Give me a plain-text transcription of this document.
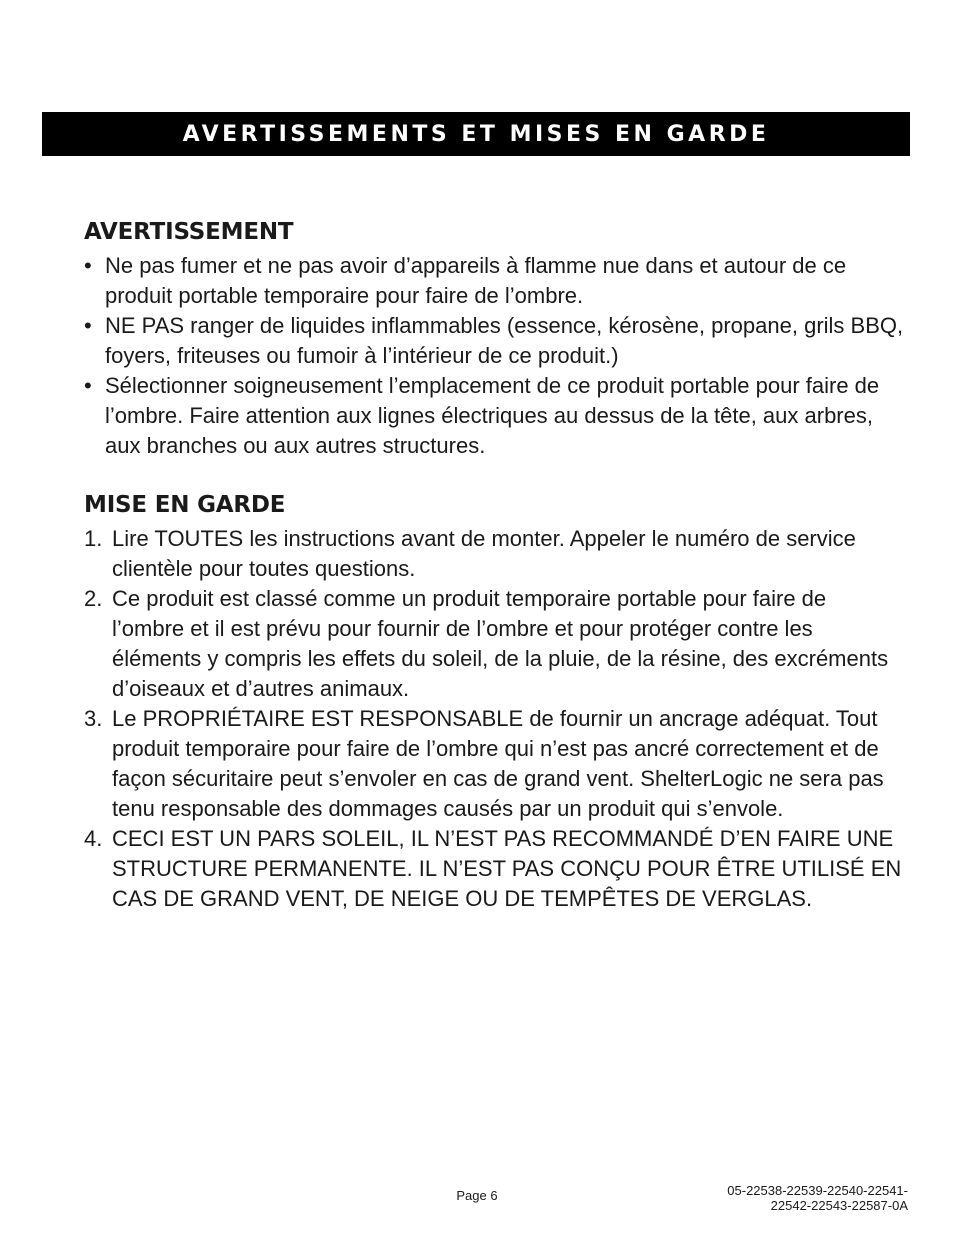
AVERTISSEMENTS ET MISES EN GARDE
AVERTISSEMENT
• Ne pas fumer et ne pas avoir d’appareils à flamme nue dans et autour de ce produit portable temporaire pour faire de l’ombre.
• NE PAS ranger de liquides inflammables (essence, kérosène, propane, grils BBQ, foyers, friteuses ou fumoir à l’intérieur de ce produit.)
• Sélectionner soigneusement l’emplacement de ce produit portable pour faire de l’ombre. Faire attention aux lignes électriques au dessus de la tête, aux arbres, aux branches ou aux autres structures.
MISE EN GARDE
1. Lire TOUTES les instructions avant de monter. Appeler le numéro de service clientèle pour toutes questions.
2. Ce produit est classé comme un produit temporaire portable pour faire de l’ombre et il est prévu pour fournir de l’ombre et pour protéger contre les éléments y compris les effets du soleil, de la pluie, de la résine, des excréments d’oiseaux et d’autres animaux.
3. Le PROPRIÉTAIRE EST RESPONSABLE de fournir un ancrage adéquat. Tout produit temporaire pour faire de l’ombre qui n’est pas ancré correctement et de façon sécuritaire peut s’envoler en cas de grand vent. ShelterLogic ne sera pas tenu responsable des dommages causés par un produit qui s’envole.
4. CECI EST UN PARS SOLEIL, IL N’EST PAS RECOMMANDÉ D’EN FAIRE UNE STRUCTURE PERMANENTE. IL N’EST PAS CONÇU POUR ÊTRE UTILISÉ EN CAS DE GRAND VENT, DE NEIGE OU DE TEMPÊTES DE VERGLAS.
Page 6	05-22538-22539-22540-22541-
22542-22543-22587-0A
